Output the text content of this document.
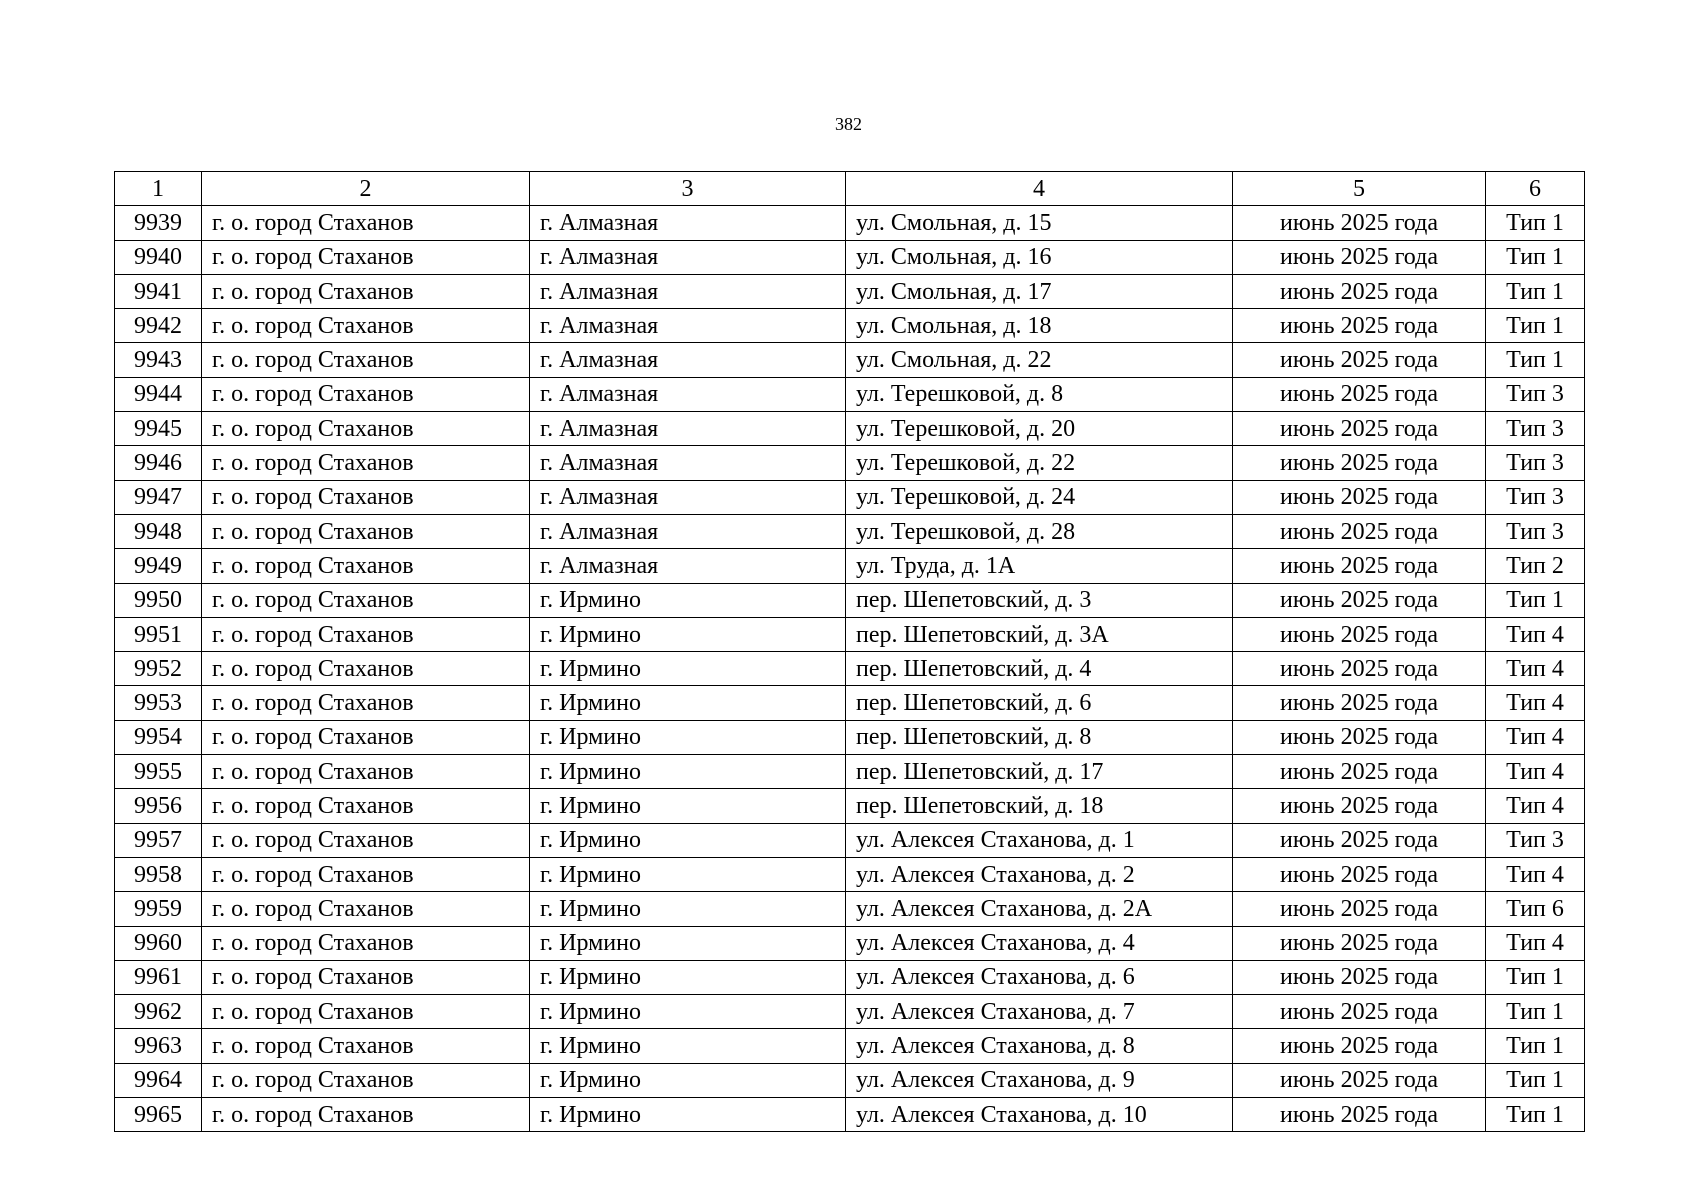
382
1	2	3	4	5	6
9939	г. о. город Стаханов	г. Алмазная	ул. Смольная, д. 15	июнь 2025 года	Тип 1
9940	г. о. город Стаханов	г. Алмазная	ул. Смольная, д. 16	июнь 2025 года	Тип 1
9941	г. о. город Стаханов	г. Алмазная	ул. Смольная, д. 17	июнь 2025 года	Тип 1
9942	г. о. город Стаханов	г. Алмазная	ул. Смольная, д. 18	июнь 2025 года	Тип 1
9943	г. о. город Стаханов	г. Алмазная	ул. Смольная, д. 22	июнь 2025 года	Тип 1
9944	г. о. город Стаханов	г. Алмазная	ул. Терешковой, д. 8	июнь 2025 года	Тип 3
9945	г. о. город Стаханов	г. Алмазная	ул. Терешковой, д. 20	июнь 2025 года	Тип 3
9946	г. о. город Стаханов	г. Алмазная	ул. Терешковой, д. 22	июнь 2025 года	Тип 3
9947	г. о. город Стаханов	г. Алмазная	ул. Терешковой, д. 24	июнь 2025 года	Тип 3
9948	г. о. город Стаханов	г. Алмазная	ул. Терешковой, д. 28	июнь 2025 года	Тип 3
9949	г. о. город Стаханов	г. Алмазная	ул. Труда, д. 1А	июнь 2025 года	Тип 2
9950	г. о. город Стаханов	г. Ирмино	пер. Шепетовский, д. 3	июнь 2025 года	Тип 1
9951	г. о. город Стаханов	г. Ирмино	пер. Шепетовский, д. 3А	июнь 2025 года	Тип 4
9952	г. о. город Стаханов	г. Ирмино	пер. Шепетовский, д. 4	июнь 2025 года	Тип 4
9953	г. о. город Стаханов	г. Ирмино	пер. Шепетовский, д. 6	июнь 2025 года	Тип 4
9954	г. о. город Стаханов	г. Ирмино	пер. Шепетовский, д. 8	июнь 2025 года	Тип 4
9955	г. о. город Стаханов	г. Ирмино	пер. Шепетовский, д. 17	июнь 2025 года	Тип 4
9956	г. о. город Стаханов	г. Ирмино	пер. Шепетовский, д. 18	июнь 2025 года	Тип 4
9957	г. о. город Стаханов	г. Ирмино	ул. Алексея Стаханова, д. 1	июнь 2025 года	Тип 3
9958	г. о. город Стаханов	г. Ирмино	ул. Алексея Стаханова, д. 2	июнь 2025 года	Тип 4
9959	г. о. город Стаханов	г. Ирмино	ул. Алексея Стаханова, д. 2А	июнь 2025 года	Тип 6
9960	г. о. город Стаханов	г. Ирмино	ул. Алексея Стаханова, д. 4	июнь 2025 года	Тип 4
9961	г. о. город Стаханов	г. Ирмино	ул. Алексея Стаханова, д. 6	июнь 2025 года	Тип 1
9962	г. о. город Стаханов	г. Ирмино	ул. Алексея Стаханова, д. 7	июнь 2025 года	Тип 1
9963	г. о. город Стаханов	г. Ирмино	ул. Алексея Стаханова, д. 8	июнь 2025 года	Тип 1
9964	г. о. город Стаханов	г. Ирмино	ул. Алексея Стаханова, д. 9	июнь 2025 года	Тип 1
9965	г. о. город Стаханов	г. Ирмино	ул. Алексея Стаханова, д. 10	июнь 2025 года	Тип 1
